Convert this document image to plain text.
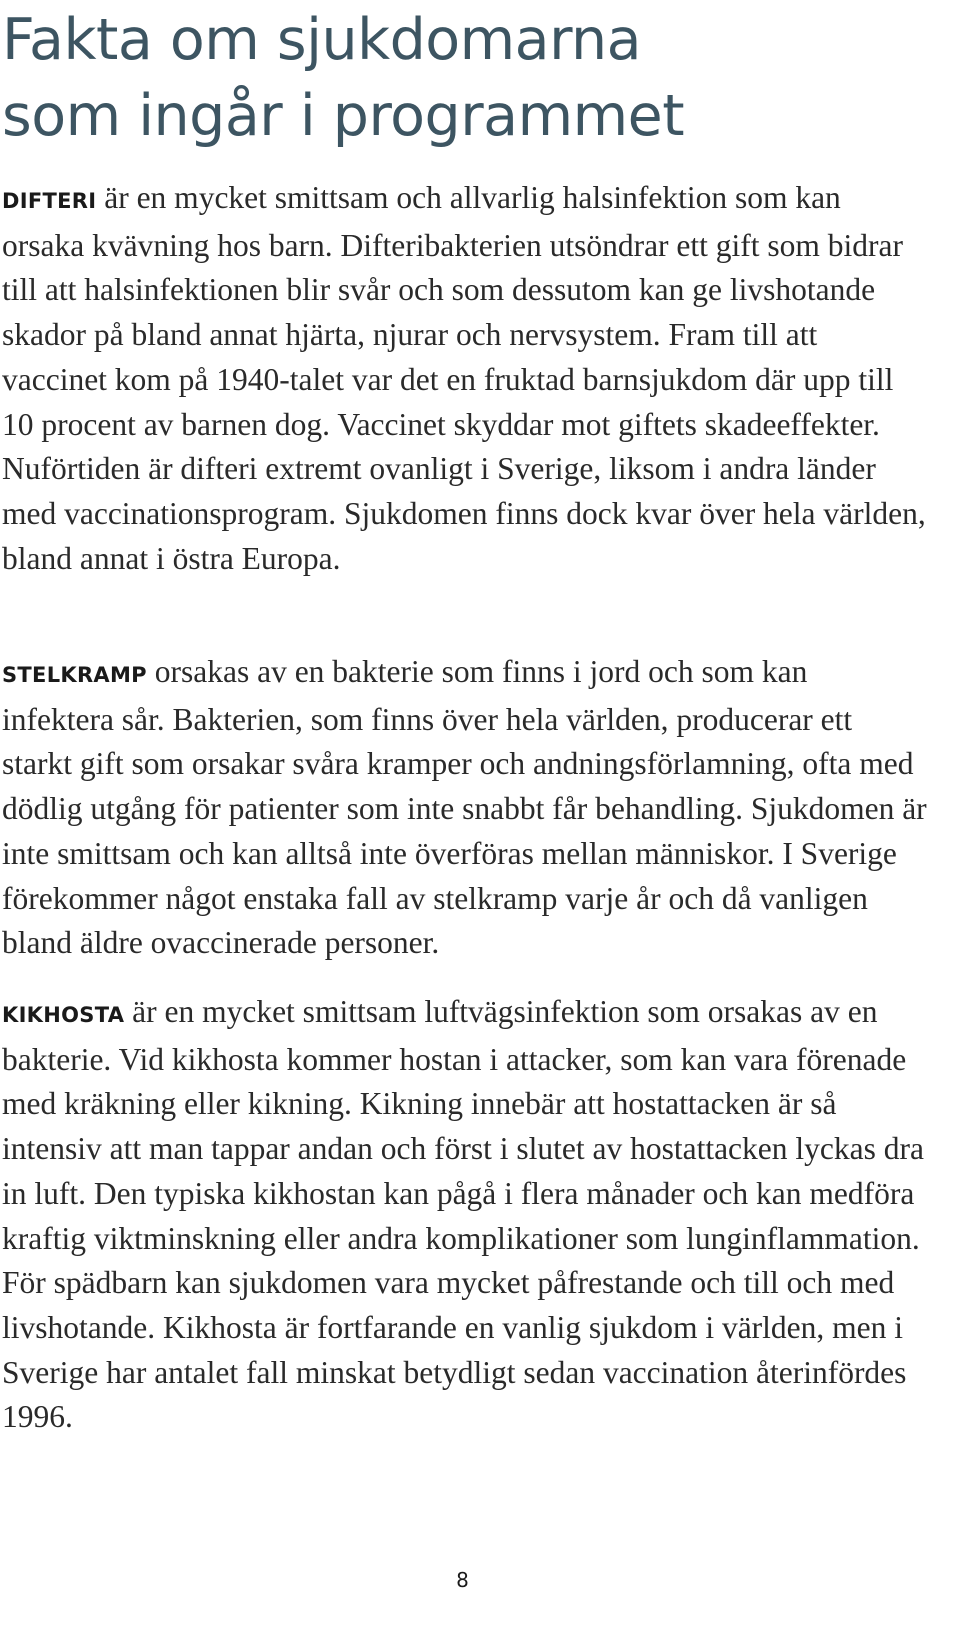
Fakta om sjukdomarna
som ingår i programmet

DIFTERI är en mycket smittsam och allvarlig halsinfektion som kan orsaka kvävning hos barn. Difteribakterien utsöndrar ett gift som bidrar till att halsinfektionen blir svår och som dessutom kan ge livshotande skador på bland annat hjärta, njurar och nervsystem. Fram till att vaccinet kom på 1940-talet var det en fruktad barnsjukdom där upp till 10 procent av barnen dog. Vaccinet skyddar mot giftets skadeeffekter. Nuförtiden är difteri extremt ovanligt i Sverige, liksom i andra länder med vaccinationsprogram. Sjukdomen finns dock kvar över hela världen, bland annat i östra Europa.

STELKRAMP orsakas av en bakterie som finns i jord och som kan infektera sår. Bakterien, som finns över hela världen, producerar ett starkt gift som orsakar svåra kramper och andningsförlamning, ofta med dödlig utgång för patienter som inte snabbt får behandling. Sjukdomen är inte smittsam och kan alltså inte överföras mellan människor. I Sverige förekommer något enstaka fall av stelkramp varje år och då vanligen bland äldre ovaccinerade personer.

KIKHOSTA är en mycket smittsam luftvägsinfektion som orsakas av en bakterie. Vid kikhosta kommer hostan i attacker, som kan vara förenade med kräkning eller kikning. Kikning innebär att hostattacken är så intensiv att man tappar andan och först i slutet av hostattacken lyckas dra in luft. Den typiska kikhostan kan pågå i flera månader och kan medföra kraftig viktminskning eller andra komplikationer som lunginflammation. För spädbarn kan sjukdomen vara mycket påfrestande och till och med livshotande. Kikhosta är fortfarande en vanlig sjukdom i världen, men i Sverige har antalet fall minskat betydligt sedan vaccination återinfördes 1996.

8
